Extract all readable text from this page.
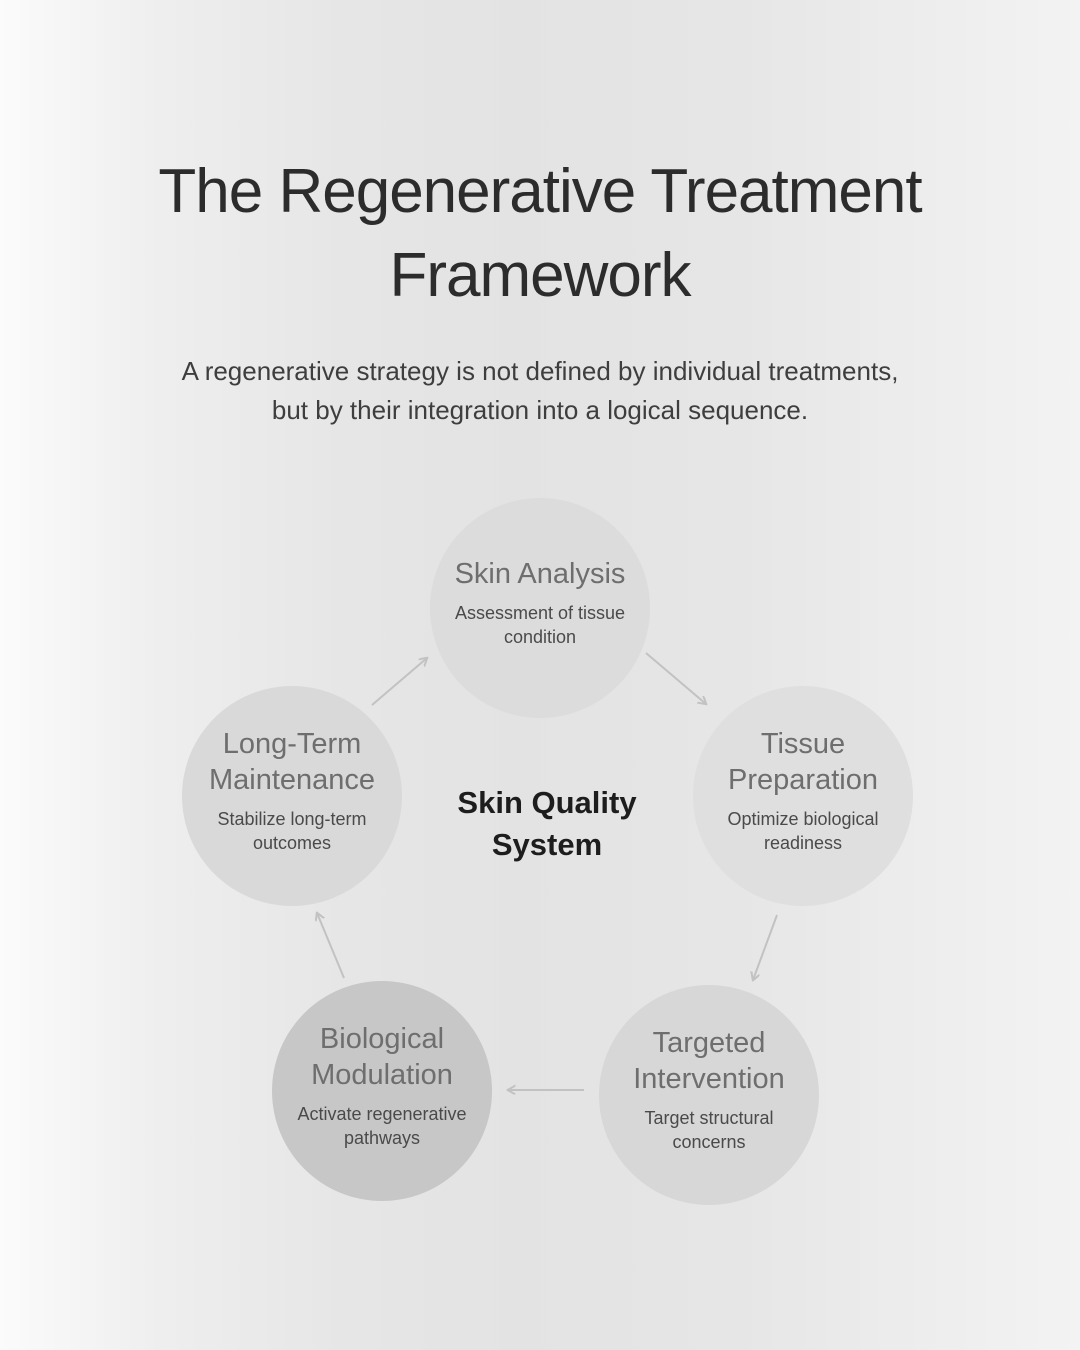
The Regenerative Treatment Framework

A regenerative strategy is not defined by individual treatments,
but by their integration into a logical sequence.

Skin Analysis
Assessment of tissue condition
Tissue Preparation
Optimize biological readiness
Targeted Intervention
Target structural concerns
Biological Modulation
Activate regenerative pathways
Long-Term Maintenance
Stabilize long-term outcomes
Skin Quality
System
